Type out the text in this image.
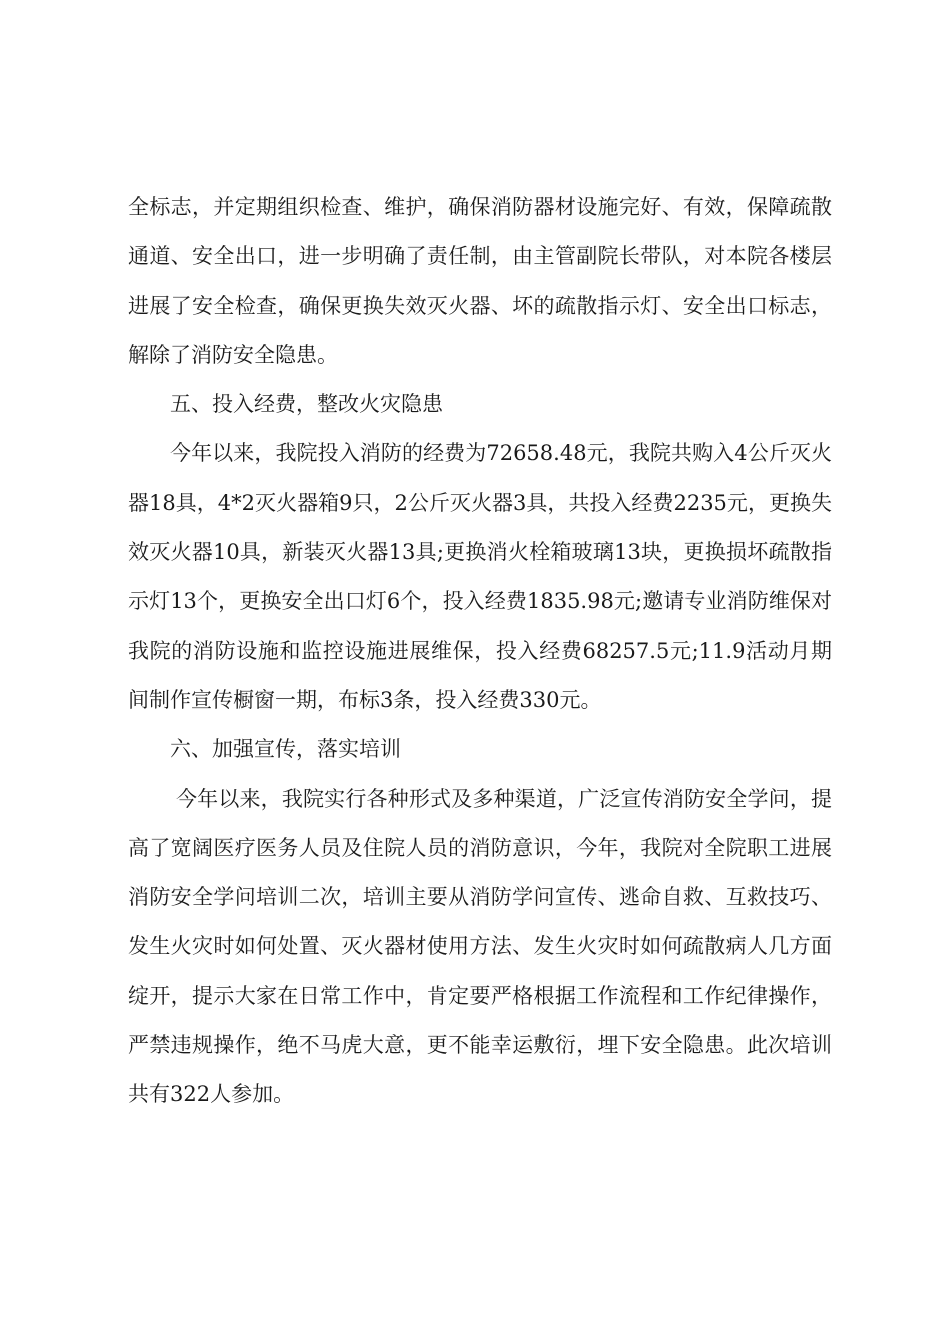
全标志，并定期组织检查、维护，确保消防器材设施完好、有效，保障疏散通道、安全出口，进一步明确了责任制，由主管副院长带队，对本院各楼层进展了安全检查，确保更换失效灭火器、坏的疏散指示灯、安全出口标志，解除了消防安全隐患。

五、投入经费，整改火灾隐患

今年以来，我院投入消防的经费为72658.48元，我院共购入4公斤灭火器18具，4*2灭火器箱9只，2公斤灭火器3具，共投入经费2235元，更换失效灭火器10具，新装灭火器13具;更换消火栓箱玻璃13块，更换损坏疏散指示灯13个，更换安全出口灯6个，投入经费1835.98元;邀请专业消防维保对我院的消防设施和监控设施进展维保，投入经费68257.5元;11.9活动月期间制作宣传橱窗一期，布标3条，投入经费330元。

六、加强宣传，落实培训

今年以来，我院实行各种形式及多种渠道，广泛宣传消防安全学问，提高了宽阔医疗医务人员及住院人员的消防意识，今年，我院对全院职工进展消防安全学问培训二次，培训主要从消防学问宣传、逃命自救、互救技巧、发生火灾时如何处置、灭火器材使用方法、发生火灾时如何疏散病人几方面绽开，提示大家在日常工作中，肯定要严格根据工作流程和工作纪律操作，严禁违规操作，绝不马虎大意，更不能幸运敷衍，埋下安全隐患。此次培训共有322人参加。
